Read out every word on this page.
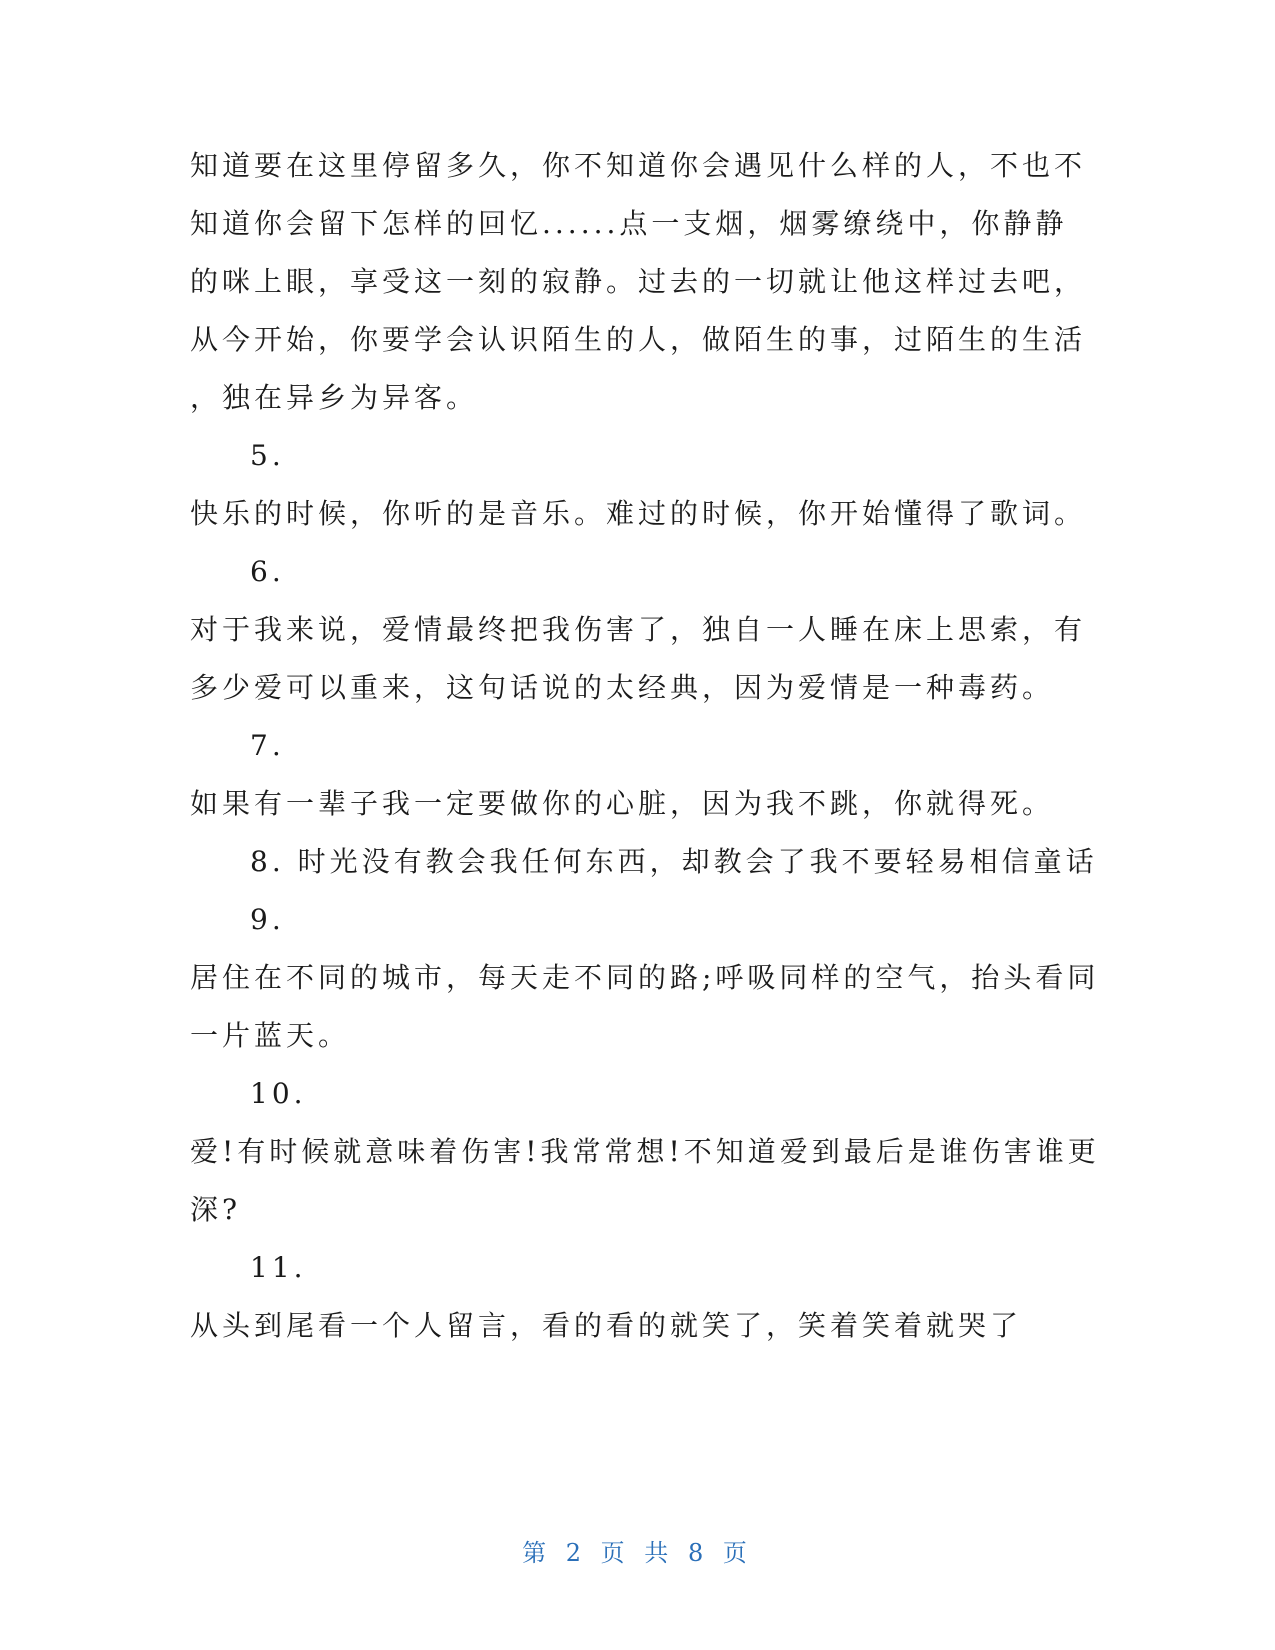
知道要在这里停留多久，你不知道你会遇见什么样的人，不也不
知道你会留下怎样的回忆......点一支烟，烟雾缭绕中，你静静
的咪上眼，享受这一刻的寂静。过去的一切就让他这样过去吧，
从今开始，你要学会认识陌生的人，做陌生的事，过陌生的生活
，独在异乡为异客。
5.
快乐的时候，你听的是音乐。难过的时候，你开始懂得了歌词。
6.
对于我来说，爱情最终把我伤害了，独自一人睡在床上思索，有
多少爱可以重来，这句话说的太经典，因为爱情是一种毒药。
7.
如果有一辈子我一定要做你的心脏，因为我不跳，你就得死。
8. 时光没有教会我任何东西，却教会了我不要轻易相信童话
9.
居住在不同的城市，每天走不同的路;呼吸同样的空气，抬头看同
一片蓝天。
10.
爱!有时候就意味着伤害!我常常想!不知道爱到最后是谁伤害谁更
深?
11.
从头到尾看一个人留言，看的看的就笑了，笑着笑着就哭了
第 2 页 共 8 页
